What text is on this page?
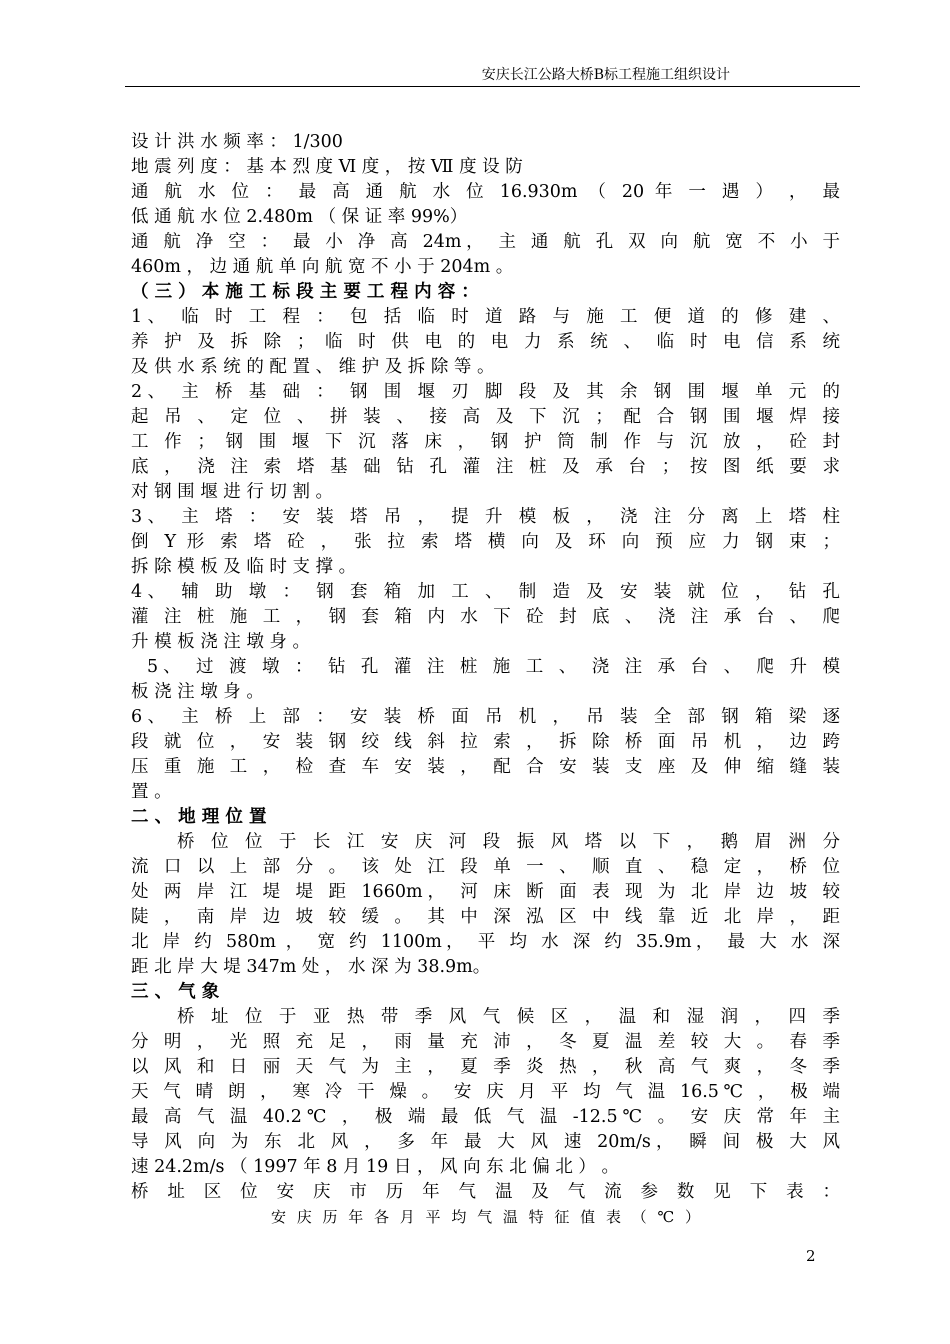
安庆长江公路大桥B标工程施工组织设计
设 计 洪 水 频 率 ： 1/300
地 震 列 度 ： 基 本 烈 度 Ⅵ 度 ， 按 Ⅶ 度 设 防
通 航 水 位 ： 最 高 通 航 水 位 16.930m （ 20 年 一 遇 ） ， 最
低 通 航 水 位 2.480m （ 保 证 率 99%）
通 航 净 空 ： 最 小 净 高 24m， 主 通 航 孔 双 向 航 宽 不 小 于
460m ， 边 通 航 单 向 航 宽 不 小 于 204m 。
（ 三 ） 本 施 工 标 段 主 要 工 程 内 容 ：
1、 临 时 工 程 ： 包 括 临 时 道 路 与 施 工 便 道 的 修 建 、
养 护 及 拆 除 ； 临 时 供 电 的 电 力 系 统 、 临 时 电 信 系 统
及 供 水 系 统 的 配 置 、 维 护 及 拆 除 等 。
2、 主 桥 基 础 ： 钢 围 堰 刃 脚 段 及 其 余 钢 围 堰 单 元 的
起 吊 、 定 位 、 拼 装 、 接 高 及 下 沉 ； 配 合 钢 围 堰 焊 接
工 作 ； 钢 围 堰 下 沉 落 床 ， 钢 护 筒 制 作 与 沉 放 ， 砼 封
底 ， 浇 注 索 塔 基 础 钻 孔 灌 注 桩 及 承 台 ； 按 图 纸 要 求
对 钢 围 堰 进 行 切 割 。
3、 主 塔 ： 安 装 塔 吊 ， 提 升 模 板 ， 浇 注 分 离 上 塔 柱
倒 Y 形 索 塔 砼 ， 张 拉 索 塔 横 向 及 环 向 预 应 力 钢 束 ；
拆 除 模 板 及 临 时 支 撑 。
4、 辅 助 墩 ： 钢 套 箱 加 工 、 制 造 及 安 装 就 位 ， 钻 孔
灌 注 桩 施 工 ， 钢 套 箱 内 水 下 砼 封 底 、 浇 注 承 台 、 爬
升 模 板 浇 注 墩 身 。
5、 过 渡 墩 ： 钻 孔 灌 注 桩 施 工 、 浇 注 承 台 、 爬 升 模
板 浇 注 墩 身 。
6、 主 桥 上 部 ： 安 装 桥 面 吊 机 ， 吊 装 全 部 钢 箱 梁 逐
段 就 位 ， 安 装 钢 绞 线 斜 拉 索 ， 拆 除 桥 面 吊 机 ， 边 跨
压 重 施 工 ， 检 查 车 安 装 ， 配 合 安 装 支 座 及 伸 缩 缝 装
置 。
二 、 地 理 位 置
桥 位 位 于 长 江 安 庆 河 段 振 风 塔 以 下 ， 鹅 眉 洲 分
流 口 以 上 部 分 。 该 处 江 段 单 一 、 顺 直 、 稳 定 ， 桥 位
处 两 岸 江 堤 堤 距 1660m， 河 床 断 面 表 现 为 北 岸 边 坡 较
陡 ， 南 岸 边 坡 较 缓 。 其 中 深 泓 区 中 线 靠 近 北 岸 ， 距
北 岸 约 580m ， 宽 约 1100m， 平 均 水 深 约 35.9m， 最 大 水 深
距 北 岸 大 堤 347m 处 ， 水 深 为 38.9m。
三 、 气 象
桥 址 位 于 亚 热 带 季 风 气 候 区 ， 温 和 湿 润 ， 四 季
分 明 ， 光 照 充 足 ， 雨 量 充 沛 ， 冬 夏 温 差 较 大 。 春 季
以 风 和 日 丽 天 气 为 主 ， 夏 季 炎 热 ， 秋 高 气 爽 ， 冬 季
天 气 晴 朗 ， 寒 冷 干 燥 。 安 庆 月 平 均 气 温 16.5℃ ， 极 端
最 高 气 温 40.2℃ ， 极 端 最 低 气 温 -12.5℃ 。 安 庆 常 年 主
导 风 向 为 东 北 风 ， 多 年 最 大 风 速 20m/s， 瞬 间 极 大 风
速 24.2m/s （ 1997 年 8 月 19 日 ， 风 向 东 北 偏 北 ） 。
桥 址 区 位 安 庆 市 历 年 气 温 及 气 流 参 数 见 下 表 ：
安 庆 历 年 各 月 平 均 气 温 特 征 值 表 （ ℃ ）
2
